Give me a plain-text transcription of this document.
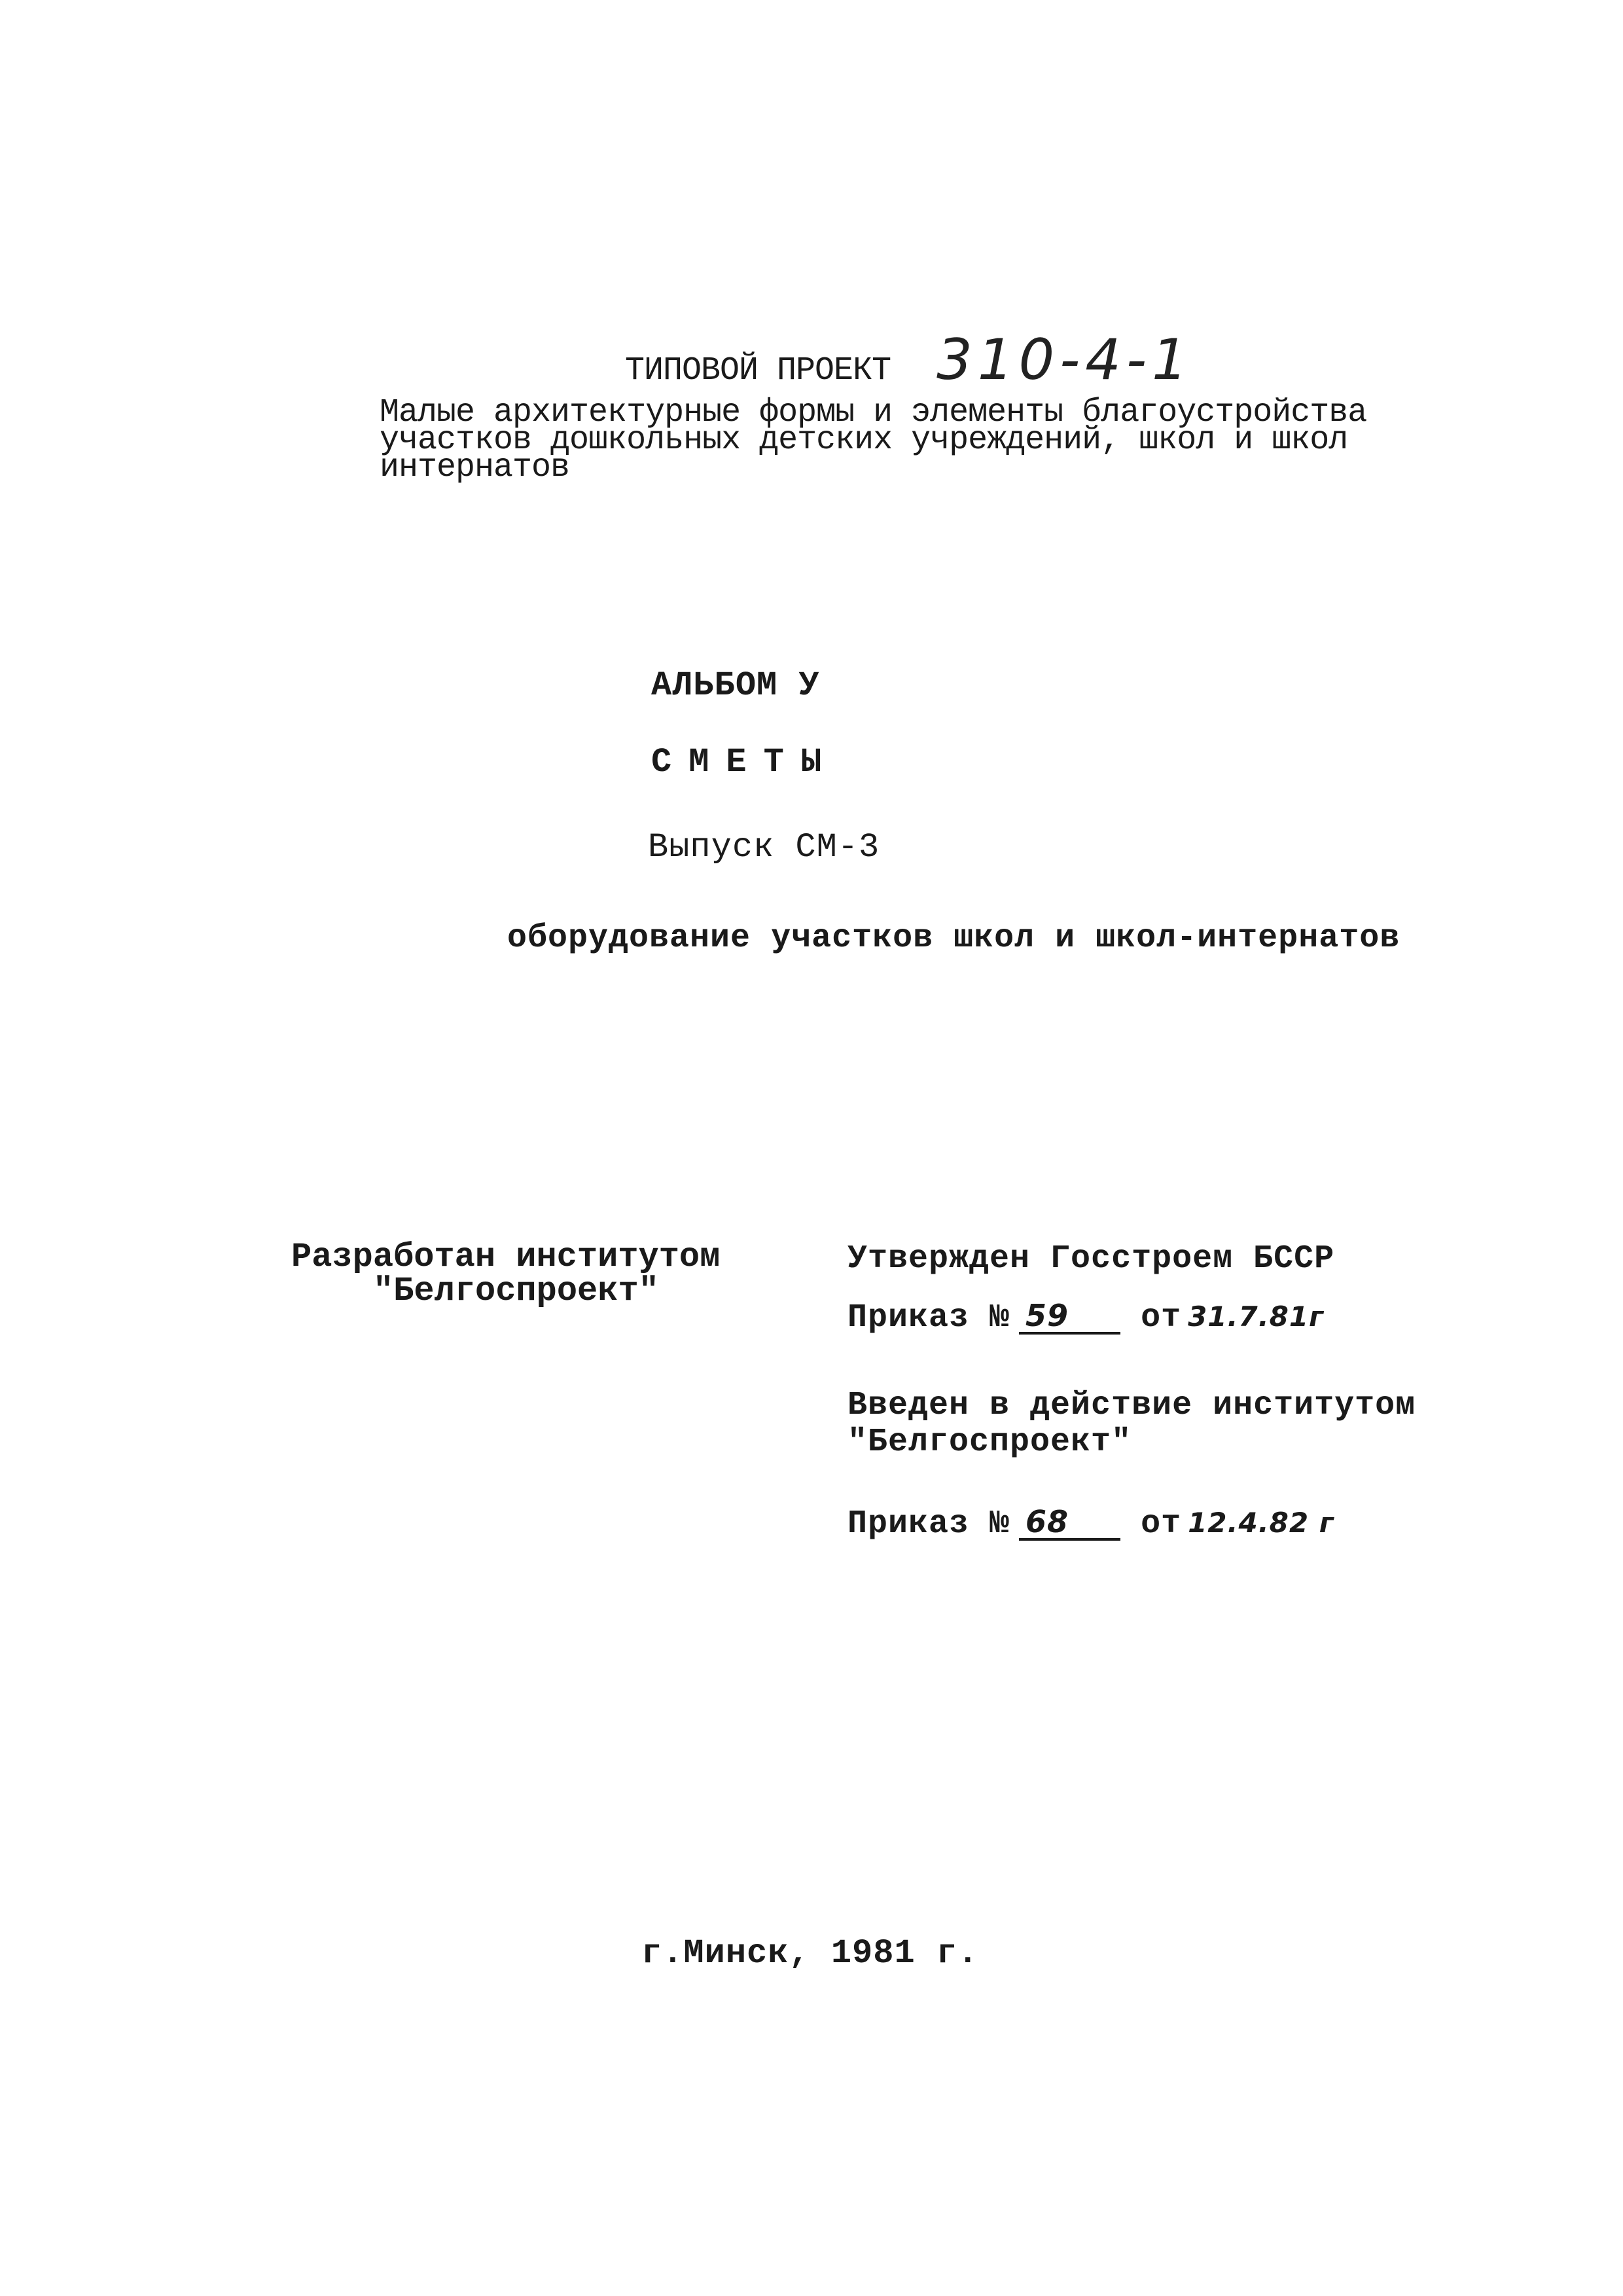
ТИПОВОЙ ПРОЕКТ 310-4-1
Малые архитектурные формы и элементы благоустройства
участков дошкольных детских учреждений, школ и школ
интернатов
АЛЬБОМ У
СМЕТЫ
Выпуск СМ-3
оборудование участков школ и школ-интернатов
Разработан институтом
"Белгоспроект"
Утвержден Госстроем БССР
Приказ № 59 от 31.7.81г
Введен в действие институтом
"Белгоспроект"
Приказ № 68 от 12.4.82 г
г.Минск, 1981 г.
